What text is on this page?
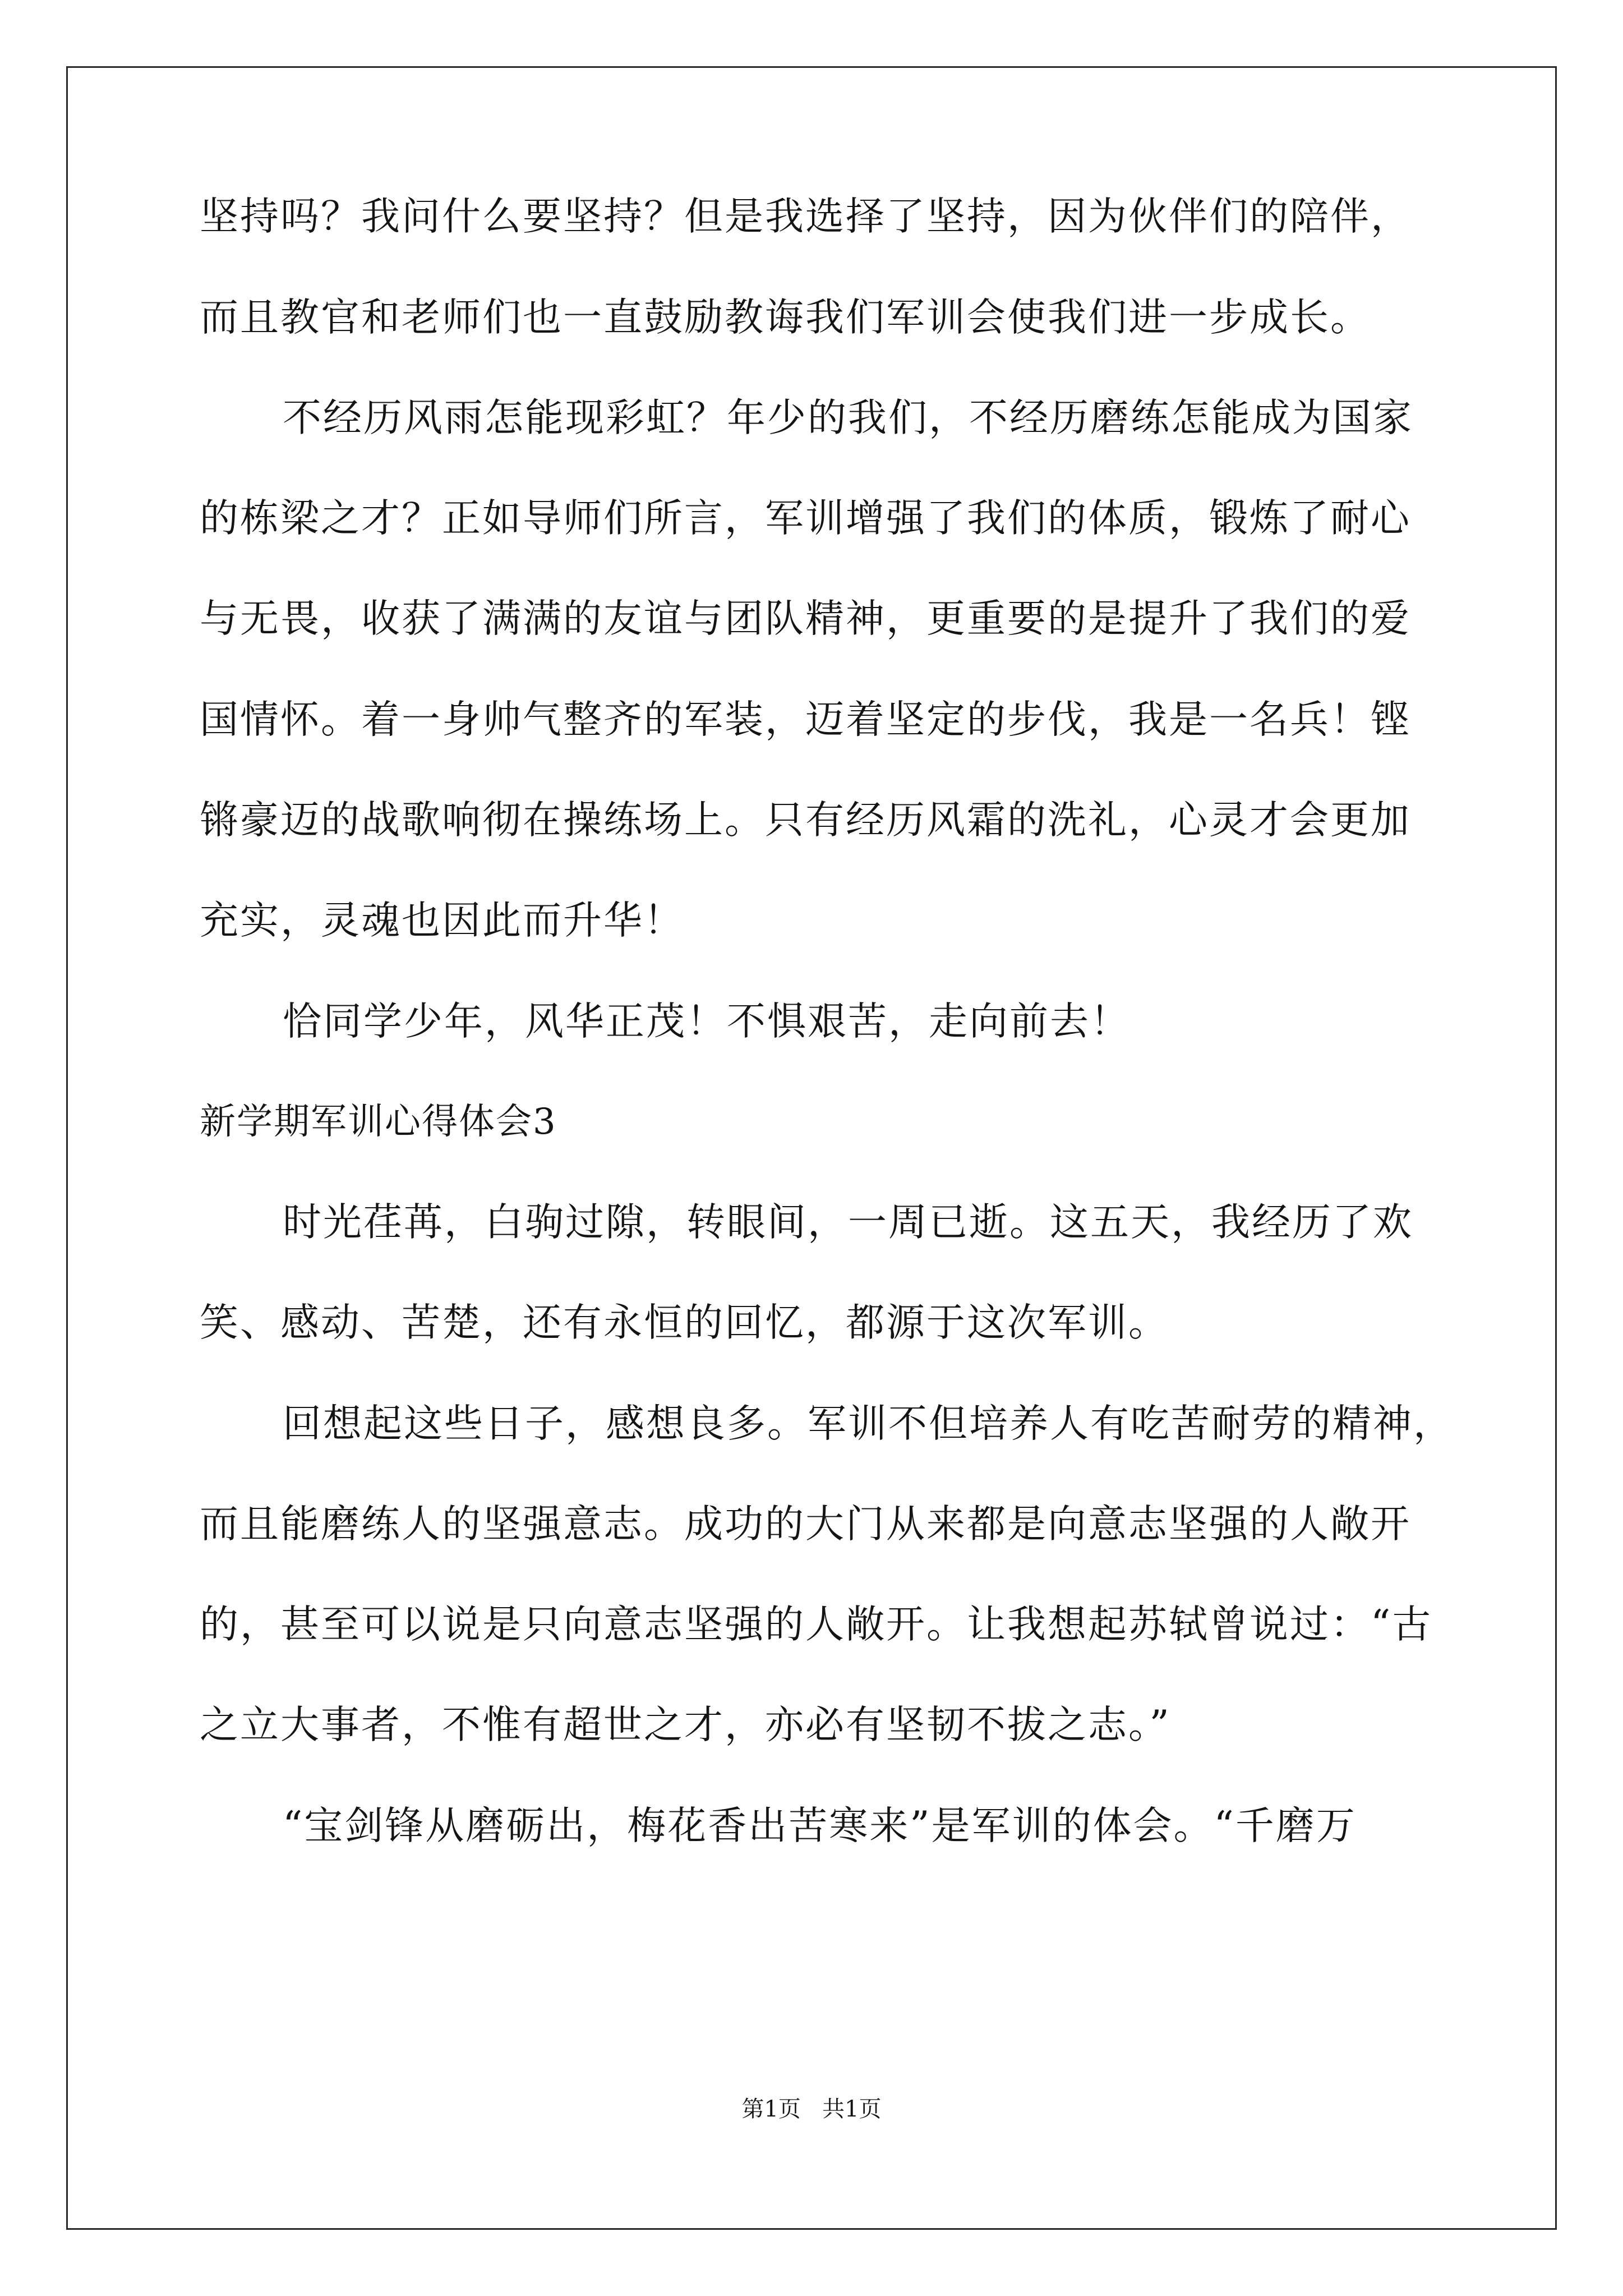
坚持吗？我问什么要坚持？但是我选择了坚持，因为伙伴们的陪伴，
而且教官和老师们也一直鼓励教诲我们军训会使我们进一步成长。
不经历风雨怎能现彩虹？年少的我们，不经历磨练怎能成为国家
的栋梁之才？正如导师们所言，军训增强了我们的体质，锻炼了耐心
与无畏，收获了满满的友谊与团队精神，更重要的是提升了我们的爱
国情怀。着一身帅气整齐的军装，迈着坚定的步伐，我是一名兵！铿
锵豪迈的战歌响彻在操练场上。只有经历风霜的洗礼，心灵才会更加
充实，灵魂也因此而升华！
恰同学少年，风华正茂！不惧艰苦，走向前去！
新学期军训心得体会3
时光荏苒，白驹过隙，转眼间，一周已逝。这五天，我经历了欢
笑、感动、苦楚，还有永恒的回忆，都源于这次军训。
回想起这些日子，感想良多。军训不但培养人有吃苦耐劳的精神，
而且能磨练人的坚强意志。成功的大门从来都是向意志坚强的人敞开
的，甚至可以说是只向意志坚强的人敞开。让我想起苏轼曾说过：“古
之立大事者，不惟有超世之才，亦必有坚韧不拔之志。”
“宝剑锋从磨砺出，梅花香出苦寒来”是军训的体会。“千磨万
第1页   共1页
